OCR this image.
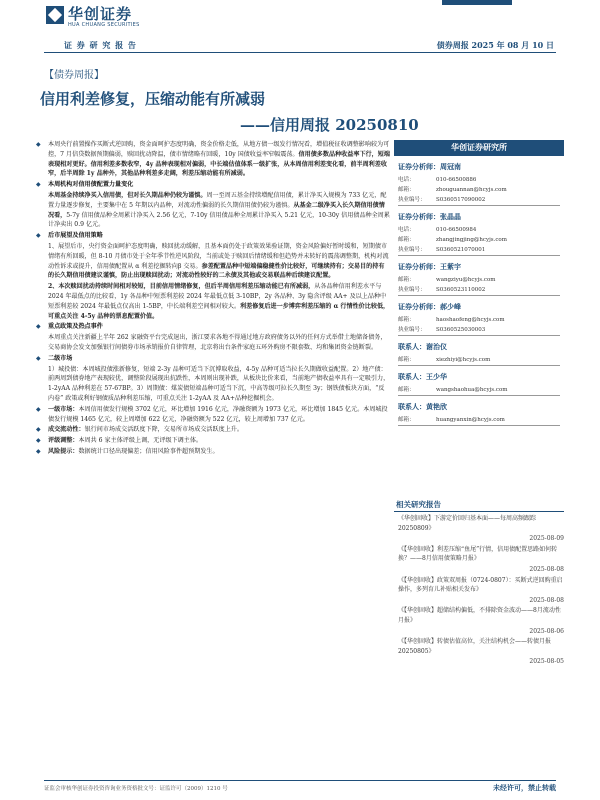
华创证券
HUA CHUANG SECURITIES
证 券 研 究 报 告	债券周报 2025 年 08 月 10 日
【债券周报】
信用利差修复，压缩动能有所减弱
——信用周报 20250810
◆ 本周央行前置操作买断式逆回购，资金面呵护态度明确，资金价格走低，从地方债一级发行情况看，增值税征收调整影响较为可控，7 月信贷数据预期偏弱，赎回扰动降温，债市情绪略有回暖，10y 国债收益率窄幅震荡。信用债多数品种收益率下行，短端表现相对更好。信用利差多数收窄，4y 品种表现相对偏弱，中长端估值体系一级扩张，从本周信用利差变化看，前半周利差收窄，后半周除 1y 品种外，其他品种利差多走阔，利差压缩动能有所减弱。
◆ 本周机构对信用债配置力量变化
本周基金持续净买入信用债，但对长久期品种仍较为谨慎。周一至周五基金持续增配信用债，累计净买入规模为 733 亿元，配置力量逐步修复，主要集中在 5 年期以内品种，对流动性偏弱的长久期信用债仍较为谨慎。从基金二级净买入长久期信用债情况看，5-7y 信用债品种全周累计净买入 2.56 亿元，7-10y 信用债品种全周累计净买入 5.21 亿元，10-30y 信用债品种全周累计净卖出 0.9 亿元。
◆ 后市展望及信用策略
1、展望后市，央行资金面呵护态度明确，赎回扰动缓解，且基本面仍处于政策效果验证期，资金风险偏好暂时缓和，短期债市情绪有所回暖，但 8-10 月债市处于全年季节性逆风阶段，当前或处于赎回后情绪缓和但趋势并未转好的震荡调整期，机构对流动性诉求或提升，信用债配置从 α 利差挖掘转向β 交易。参差配置品种中短端偏稳健性价比较好，可继续持有；交易目的持有的长久期信用债建议谨慎，防止出现赎回扰动；对流动性较好的二永债及其他或交易联品种后续建议配置。
2、本次赎回扰动持续时间相对较短，目前信用情绪修复，但后半周信用利差压缩动能已有所减弱，从各品种信用利差水平与 2024 年最低点的比较看，1y 各品种中短票利差较 2024 年最低点低 3-10BP，2y 各品种、3y 隐含评级 AA+ 及以上品种中短票利差较 2024 年最低点仅高出 1-5BP，中长端利差空间相对较大。利差修复后进一步博弈利差压缩的 α 行情性价比较低，可重点关注 4-5y 品种的票息配置价值。
◆ 重点政策及热点事件
本周重点关注新疆上半年 262 家融资平台完成退出，浙江要求各地不得通过地方政府债务以外的任何方式举借土地储备债务，交易商协会发文加强银行间债券市场承销报价自律管理，北京将出台条件家庭五环外购房不限套数、均和集团资金链断裂。
◆ 二级市场
1）城投债：本周城投债涨新修复，短端 2-3y 品种可适当下沉博取收益，4-5y 品种可适当拉长久期做收益配置。2）地产债：前两周到债券地产表现较优，调整阶段展现出抗跌性，本周则出现补跌，从板块比价来看，当前地产债收益率具有一定吸引力，1-2yAA 品种利差在 57-67BP。3）周期债：煤炭债短端品种可适当下沉，中高等级可拉长久期至 3y；钢铁债板块方面，“反内卷” 政策或利好钢债质品种利差压缩，可重点关注 1-2yAA 及 AA+品种挖掘机会。
◆ 一级市场：本周信用债发行规模 3702 亿元，环比增加 1916 亿元，净融资额为 1973 亿元，环比增加 1845 亿元。本周城投债发行规模 1465 亿元，较上周增加 622 亿元，净融资额为 522 亿元，较上周增加 737 亿元。
◆ 成交流动性：银行间市场成交活跃度下降，交易所市场成交活跃度上升。
◆ 评级调整：本周共 6 家主体评级上调，无评级下调主体。
◆ 风险提示：数据统计口径出现偏差；信用风险事件超预期发生。
华创证券研究所
证券分析师：周冠南
电话：	010-66500886
邮箱：	zhouguannan@hcyjs.com
执业编号：	S0360517090002
证券分析师：张晶晶
电话：	010-66500984
邮箱：	zhangjingjing@hcyjs.com
执业编号：	S0360521070001
证券分析师：王紫宇
邮箱：	wangziyu@hcyjs.com
执业编号：	S0360523110002
证券分析师：郝少峰
邮箱：	haoshaofeng@hcyjs.com
执业编号：	S0360525030003
联系人：谢治仪
邮箱：	xiezhiyi@hcyjs.com
联系人：王少华
邮箱：	wangshaohua@hcyjs.com
联系人：黄艳欣
邮箱：	huangyanxin@hcyjs.com
相关研究报告
《华创固收】下游定价回归基本面——每周高频跟踪 20250809》
2025-08-09
《【华创固收】利差压缩“鱼尾”行情，信用债配置思路如何转换？——8月信用债策略月报》
2025-08-08
《【华创固收】政策双周报（0724-0807）：买断式逆回购重启操作，多列育儿补贴相关发布》
2025-08-08
《【华创固收】超储结构偏低，不排除资金波动——8月流动性月报》
2025-08-06
《【华创固收】转债估值高位，关注结构机会——转债月报 20250805》
2025-08-05
证监会审核华创证券投资咨询业务资格批文号：证监许可（2009）1210 号	未经许可，禁止转载
